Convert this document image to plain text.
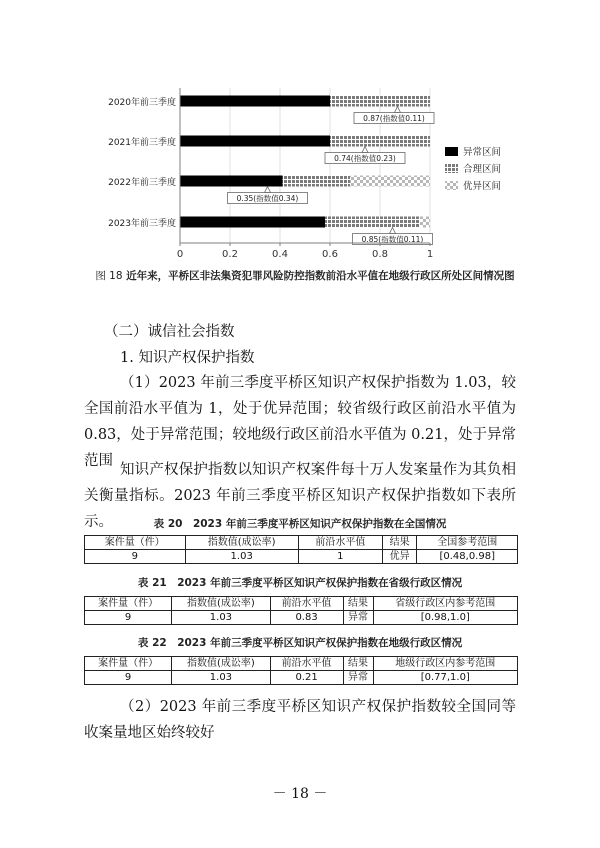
0.87(指数值0.11)
0.74(指数值0.23)
0.35(指数值0.34)
0.85(指数值0.11)
0	0.2	0.4	0.6	0.8	1
2020年前三季度
2021年前三季度
2022年前三季度
2023年前三季度
异常区间
合理区间
优异区间
图 18 近年来，平桥区非法集资犯罪风险防控指数前沿水平值在地级行政区所处区间情况图
（二）诚信社会指数
1. 知识产权保护指数
（1）2023 年前三季度平桥区知识产权保护指数为 1.03，较全国前沿水平值为 1，处于优异范围；较省级行政区前沿水平值为 0.83，处于异常范围；较地级行政区前沿水平值为 0.21，处于异常范围
知识产权保护指数以知识产权案件每十万人发案量作为其负相关衡量指标。2023 年前三季度平桥区知识产权保护指数如下表所示。	表 20　2023 年前三季度平桥区知识产权保护指数在全国情况
案件量（件）	指数值(成讼率)	前沿水平值	结果	全国参考范围
9	1.03	1	优异	[0.48,0.98]
表 21　2023 年前三季度平桥区知识产权保护指数在省级行政区情况
案件量（件）	指数值(成讼率)	前沿水平值	结果	省级行政区内参考范围
9	1.03	0.83	异常	[0.98,1.0]
表 22　2023 年前三季度平桥区知识产权保护指数在地级行政区情况
案件量（件）	指数值(成讼率)	前沿水平值	结果	地级行政区内参考范围
9	1.03	0.21	异常	[0.77,1.0]
（2）2023 年前三季度平桥区知识产权保护指数较全国同等收案量地区始终较好
－ 18 －
